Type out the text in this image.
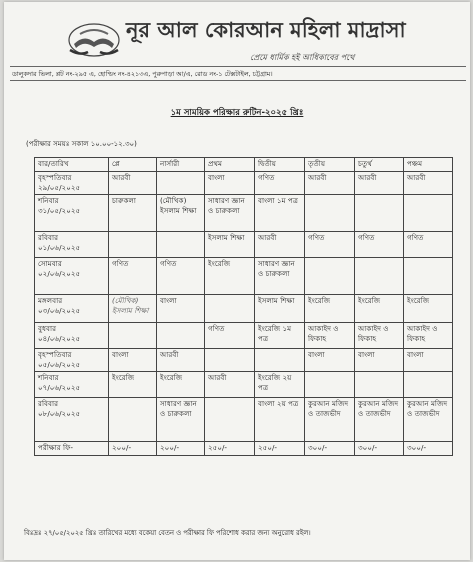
নূর আল কোরআন মহিলা মাদ্রাসা
প্রেমে ধার্মিক হই আধিকাবের পথে
ডালুকদার ভিলা, প্লট নং-২৯৫ এ, হোল্ডিং নং-৪২১৩এ, পুরুপাড়া আ/এ, রোড নং-১ টেক্সটাইল, চট্টগ্রাম।
১ম সাময়িক পরিক্ষার রুটিন-২০২৫ খ্রিঃ
(পরীক্ষার সময়ঃ সকাল ১০.০০-১২.৩০)
বার/তারিখ	প্লে	নার্সারী	প্রথম	দ্বিতীয়	তৃতীয়	চতুর্থ	পঞ্চম

বৃহস্পতিবার
২৯/০৫/২০২৫	আরবী		বাংলা	গণিত	আরবী	আরবী	আরবী

শনিবার
৩১/০৫/২০২৫	চারুকলা	(মৌখিক) ইসলাম শিক্ষা	সাধারণ জ্ঞান ও চারুকলা	বাংলা ১ম পত্র			

রবিবার
০১/০৬/২০২৫			ইসলাম শিক্ষা	আরবী	গণিত	গণিত	গণিত

সোমবার
০২/০৬/২০২৫	গণিত	গণিত	ইংরেজি	সাধারণ জ্ঞান ও চারুকলা			

মঙ্গলবার
০৩/০৬/২০২৫	(মৌখিক) ইসলাম শিক্ষা	বাংলা		ইসলাম শিক্ষা	ইংরেজি	ইংরেজি	ইংরেজি

বুধবার
০৪/০৬/২০২৫			গণিত	ইংরেজি ১ম পত্র	আকাইদ ও ফিকাহ	আকাইদ ও ফিকাহ	আকাইদ ও ফিকাহ

বৃহস্পতিবার
০৫/০৬/২০২৫	বাংলা	আরবী			বাংলা	বাংলা	বাংলা

শনিবার
০৭/০৬/২০২৫	ইংরেজি	ইংরেজি	আরবী	ইংরেজি ২য় পত্র			

রবিবার
০৮/০৬/২০২৫		সাধারণ জ্ঞান ও চারুকলা		বাংলা ২য় পত্র	কুরআন মজিদ ও তাজভীদ	কুরআন মজিদ ও তাজভীদ	কুরআন মজিদ ও তাজভীদ
পরীক্ষার ফি-	২০০/-	২০০/-	২৫০/-	২৫০/-	৩০০/-	৩০০/-	৩০০/-
বিঃদ্রঃ ২৭/০৫/২০২৫ খ্রিঃ তারিখের মধ্যে বকেয়া বেতন ও পরীক্ষার ফি পরিশোধ করার জন্য অনুরোধ রইল।
